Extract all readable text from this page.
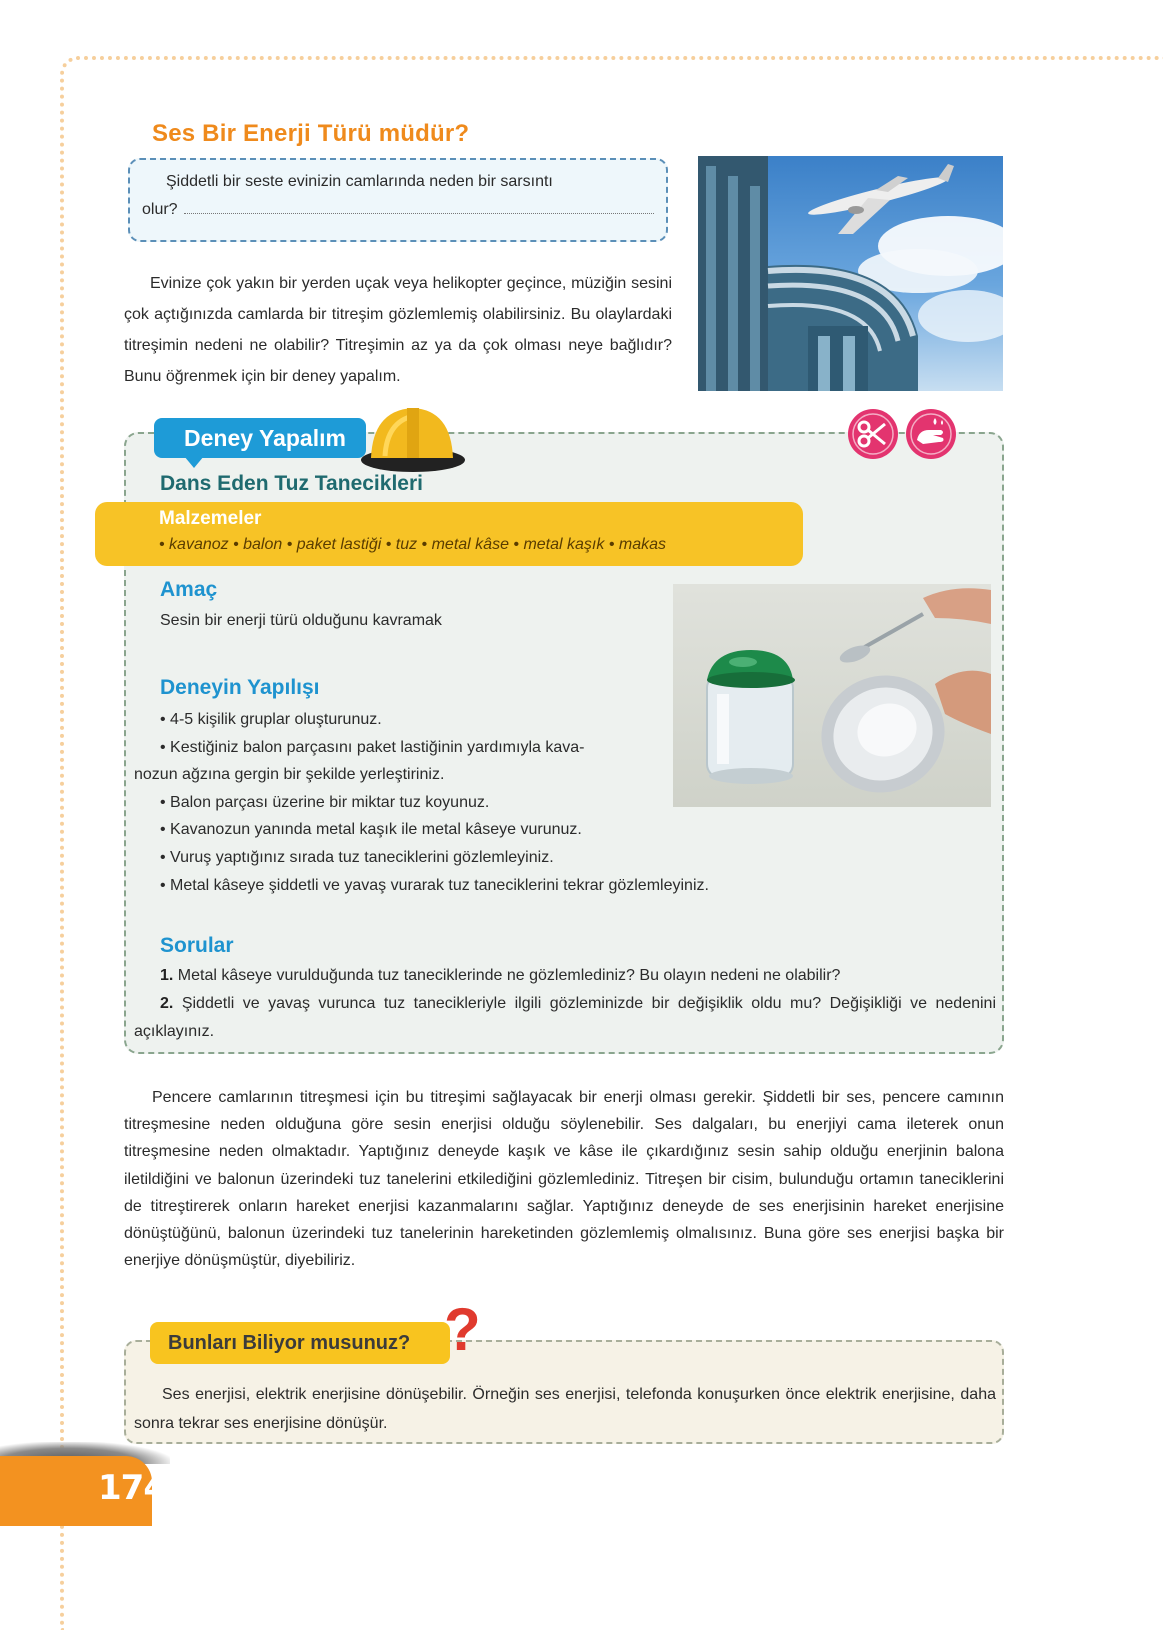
Ses Bir Enerji Türü müdür?
Şiddetli bir seste evinizin camlarında neden bir sarsıntı
olur?

Evinize çok yakın bir yerden uçak veya helikopter geçince, müziğin sesini çok açtığınızda camlarda bir titreşim gözlemlemiş olabilirsiniz. Bu olaylardaki titreşimin nedeni ne olabilir? Titreşimin az ya da çok olması neye bağlıdır? Bunu öğrenmek için bir deney yapalım.

Deney Yapalım
Dans Eden Tuz Tanecikleri
Malzemeler
• kavanoz • balon • paket lastiği • tuz • metal kâse • metal kaşık • makas
Amaç
Sesin bir enerji türü olduğunu kavramak
Deneyin Yapılışı
• 4-5 kişilik gruplar oluşturunuz.
• Kestiğiniz balon parçasını paket lastiğinin yardımıyla kava-
nozun ağzına gergin bir şekilde yerleştiriniz.
• Balon parçası üzerine bir miktar tuz koyunuz.
• Kavanozun yanında metal kaşık ile metal kâseye vurunuz.
• Vuruş yaptığınız sırada tuz taneciklerini gözlemleyiniz.
• Metal kâseye şiddetli ve yavaş vurarak tuz taneciklerini tekrar gözlemleyiniz.
Sorular

1. Metal kâseye vurulduğunda tuz taneciklerinde ne gözlemlediniz? Bu olayın nedeni ne olabilir?

2. Şiddetli ve yavaş vurunca tuz tanecikleriyle ilgili gözleminizde bir değişiklik oldu mu? Değişikliği ve nedenini açıklayınız.

Pencere camlarının titreşmesi için bu titreşimi sağlayacak bir enerji olması gerekir. Şiddetli bir ses, pencere camının titreşmesine neden olduğuna göre sesin enerjisi olduğu söylenebilir. Ses dalgaları, bu enerjiyi cama ileterek onun titreşmesine neden olmaktadır. Yaptığınız deneyde kaşık ve kâse ile çıkardığınız sesin sahip olduğu enerjinin balona iletildiğini ve balonun üzerindeki tuz tanelerini etkilediğini gözlemlediniz. Titreşen bir cisim, bulunduğu ortamın taneciklerini de titreştirerek onların hareket enerjisi kazanmalarını sağlar. Yaptığınız deneyde de ses enerjisinin hareket enerjisine dönüştüğünü, balonun üzerindeki tuz tanelerinin hareketinden gözlemlemiş olmalısınız. Buna göre ses enerjisi başka bir enerjiye dönüşmüştür, diyebiliriz.

Bunları Biliyor musunuz? ?

Ses enerjisi, elektrik enerjisine dönüşebilir. Örneğin ses enerjisi, telefonda konuşurken önce elektrik enerjisine, daha sonra tekrar ses enerjisine dönüşür.

174
